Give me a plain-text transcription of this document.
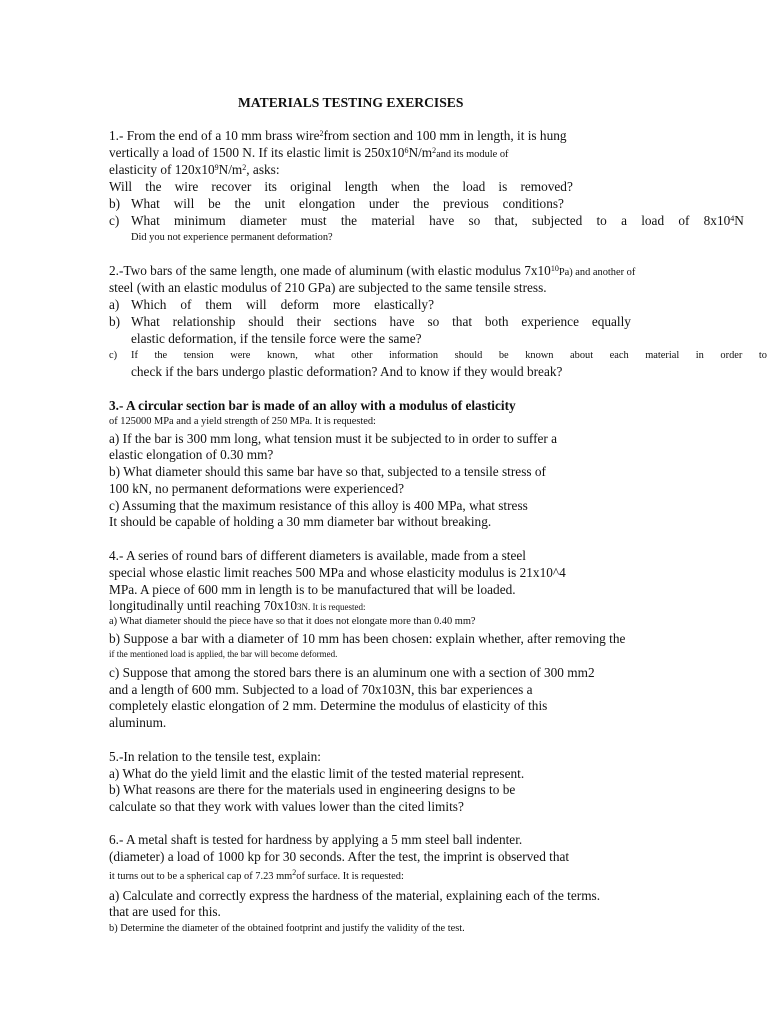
MATERIALS TESTING EXERCISES
1.- From the end of a 10 mm brass wire$^2$from section and 100 mm in length, it is hung
vertically a load of 1500 N. If its elastic limit is $250x10^6N/m^2and$ its module of
elasticity of $120x10^9N/m^2$, asks:
Will the wire recover its original length when the load is removed?
b) What will be the unit elongation under the previous conditions?
c) What minimum diameter must the material have so that, subjected to a load of $8x10^4N$
Did you not experience permanent deformation?
2.-Two bars of the same length, one made of aluminum (with elastic modulus $7x10^{10}Pa$) and another of
steel (with an elastic modulus of 210 GPa) are subjected to the same tensile stress.
a) Which of them will deform more elastically?
b) What relationship should their sections have so that both experience equally
elastic deformation, if the tensile force were the same?
c) If the tension were known, what other information should be known about each material in order to
check if the bars undergo plastic deformation? And to know if they would break?
3.- A circular section bar is made of an alloy with a modulus of elasticity
of 125000 MPa and a yield strength of 250 MPa. It is requested:
a) If the bar is 300 mm long, what tension must it be subjected to in order to suffer a
elastic elongation of 0.30 mm?
b) What diameter should this same bar have so that, subjected to a tensile stress of
100 kN, no permanent deformations were experienced?
c) Assuming that the maximum resistance of this alloy is 400 MPa, what stress
It should be capable of holding a 30 mm diameter bar without breaking.
4.- A series of round bars of different diameters is available, made from a steel
special whose elastic limit reaches 500 MPa and whose elasticity modulus is 21x10^4
MPa. A piece of 600 mm in length is to be manufactured that will be loaded.
longitudinally until reaching 70x103N. It is requested:
a) What diameter should the piece have so that it does not elongate more than 0.40 mm?
b) Suppose a bar with a diameter of 10 mm has been chosen: explain whether, after removing the
if the mentioned load is applied, the bar will become deformed.
c) Suppose that among the stored bars there is an aluminum one with a section of 300 mm2
and a length of 600 mm. Subjected to a load of 70x103N, this bar experiences a
completely elastic elongation of 2 mm. Determine the modulus of elasticity of this
aluminum.
5.-In relation to the tensile test, explain:
a) What do the yield limit and the elastic limit of the tested material represent.
b) What reasons are there for the materials used in engineering designs to be
calculate so that they work with values lower than the cited limits?
6.- A metal shaft is tested for hardness by applying a 5 mm steel ball indenter.
(diameter) a load of 1000 kp for 30 seconds. After the test, the imprint is observed that
it turns out to be a spherical cap of 7.23 $mm^2of$ surface. It is requested:
a) Calculate and correctly express the hardness of the material, explaining each of the terms.
that are used for this.
b) Determine the diameter of the obtained footprint and justify the validity of the test.
